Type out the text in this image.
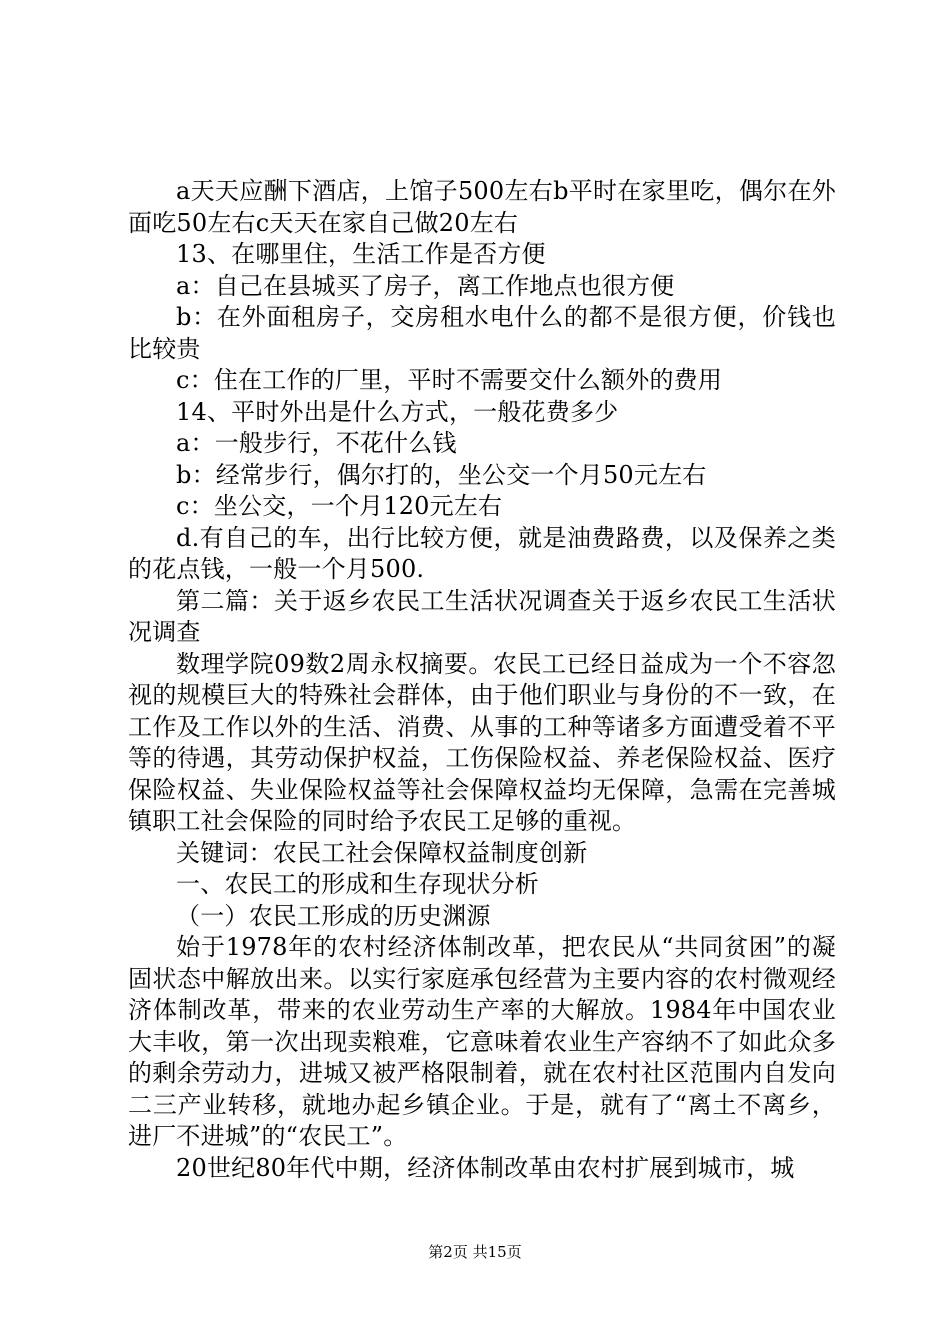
a天天应酬下酒店，上馆子500左右b平时在家里吃，偶尔在外面吃50左右c天天在家自己做20左右

13、在哪里住，生活工作是否方便

a：自己在县城买了房子，离工作地点也很方便

b：在外面租房子，交房租水电什么的都不是很方便，价钱也比较贵

c：住在工作的厂里，平时不需要交什么额外的费用

14、平时外出是什么方式，一般花费多少

a：一般步行，不花什么钱

b：经常步行，偶尔打的，坐公交一个月50元左右

c：坐公交，一个月120元左右

d.有自己的车，出行比较方便，就是油费路费，以及保养之类的花点钱，一般一个月500.

第二篇：关于返乡农民工生活状况调查关于返乡农民工生活状况调查

数理学院09数2周永权摘要。农民工已经日益成为一个不容忽视的规模巨大的特殊社会群体，由于他们职业与身份的不一致，在工作及工作以外的生活、消费、从事的工种等诸多方面遭受着不平等的待遇，其劳动保护权益，工伤保险权益、养老保险权益、医疗保险权益、失业保险权益等社会保障权益均无保障，急需在完善城镇职工社会保险的同时给予农民工足够的重视。

关键词：农民工社会保障权益制度创新

一、农民工的形成和生存现状分析

（一）农民工形成的历史渊源

始于1978年的农村经济体制改革，把农民从“共同贫困”的凝固状态中解放出来。以实行家庭承包经营为主要内容的农村微观经济体制改革，带来的农业劳动生产率的大解放。1984年中国农业大丰收，第一次出现卖粮难，它意味着农业生产容纳不了如此众多的剩余劳动力，进城又被严格限制着，就在农村社区范围内自发向二三产业转移，就地办起乡镇企业。于是，就有了“离土不离乡，进厂不进城”的“农民工”。

20世纪80年代中期，经济体制改革由农村扩展到城市，城

第2页 共15页
